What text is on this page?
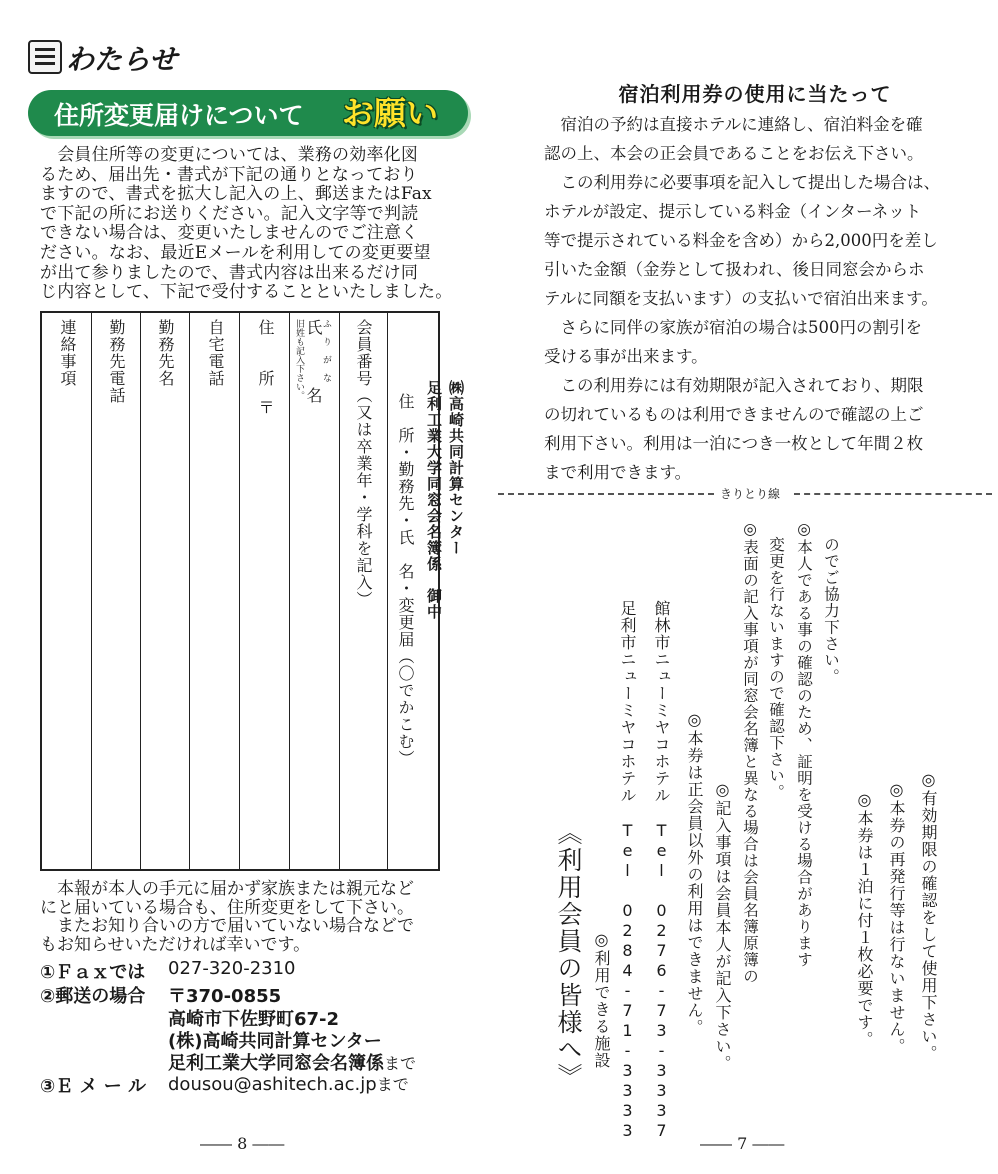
わたらせ
住所変更届けについて お願い
　会員住所等の変更については、業務の効率化図
るため、届出先・書式が下記の通りとなっており
ますので、書式を拡大し記入の上、郵送またはFax
で下記の所にお送りください。記入文字等で判読
できない場合は、変更いたしませんのでご注意く
ださい。なお、最近Eメールを利用しての変更要望
が出て参りましたので、書式内容は出来るだけ同
じ内容として、下記で受付することといたしました。
住　所・勤務先・氏　名・変更届（〇でかこむ）
会員番号（又は卒業年・学科を記入）
ふ　り　が　な
氏　　　名
旧姓も記入下さい。
住　　所
〒
自宅電話
勤務先名
勤務先電話
連絡事項
㈱高崎共同計算センター
足利工業大学同窓会名簿係　御中
　本報が本人の手元に届かず家族または親元など
にと届いている場合も、住所変更をして下さい。
　またお知り合いの方で届いていない場合などで
もお知らせいただければ幸いです。
①Ｆａｘでは 027-320-2310
②郵送の場合 〒370-0855
高崎市下佐野町67-2
(株)高崎共同計算センター
足利工業大学同窓会名簿係まで
③Ｅ メ ー ル dousou@ashitech.ac.jpまで
―― 8 ――
宿泊利用券の使用に当たって
　宿泊の予約は直接ホテルに連絡し、宿泊料金を確
認の上、本会の正会員であることをお伝え下さい。
　この利用券に必要事項を記入して提出した場合は、
ホテルが設定、提示している料金（インターネット
等で提示されている料金を含め）から2,000円を差し
引いた金額（金券として扱われ、後日同窓会からホ
テルに同額を支払います）の支払いで宿泊出来ます。
　さらに同伴の家族が宿泊の場合は500円の割引を
受ける事が出来ます。
　この利用券には有効期限が記入されており、期限
の切れているものは利用できませんので確認の上ご
利用下さい。利用は一泊につき一枚として年間２枚
まで利用できます。
きりとり線
《利用会員の皆様へ》 ◎利用できる施設 足利市ニューミヤコホテル　Tel 0284-71-3333 館林市ニューミヤコホテル　Tel 0276-73-3337 ◎本券は正会員以外の利用はできません。 ◎記入事項は会員本人が記入下さい。 ◎表面の記入事項が同窓会名簿と異なる場合は会員名簿原簿の 　変更を行ないますので確認下さい。 ◎本人である事の確認のため、証明を受ける場合があります 　のでご協力下さい。
◎本券は１泊に付１枚必要です。 ◎本券の再発行等は行ないません。 ◎有効期限の確認をして使用下さい。
―― 7 ――
